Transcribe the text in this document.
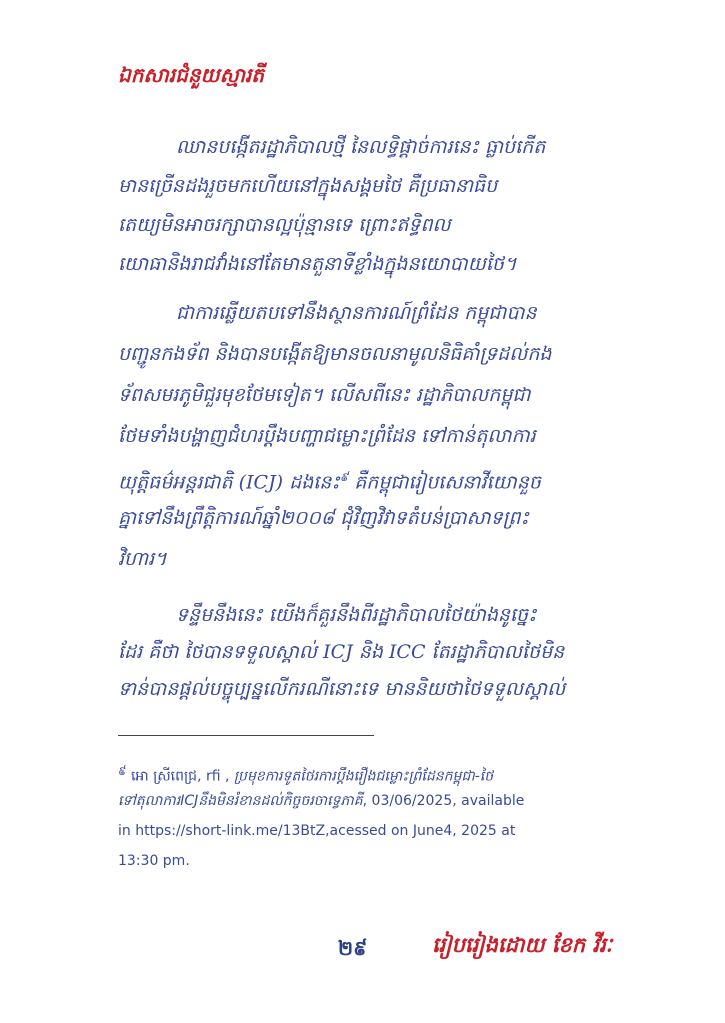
ឯកសារជំនួយស្មារតី
ឈានបង្កើតរដ្ឋាភិបាលថ្មី នៃលទ្ធិផ្តាច់ការនេះ ធ្លាប់កើត
មានច្រើនដងរួចមកហើយនៅក្នុងសង្គមថៃ គឺប្រធានាធិប
តេយ្យមិនអាចរក្សាបានល្អប៉ុន្មានទេ ព្រោះឥទ្ធិពល
យោធានិងរាជវាំងនៅតែមានតួនាទីខ្លាំងក្នុងនយោបាយថៃ។
ជាការឆ្លើយតបទៅនឹងស្ថានការណ៍ព្រំដែន កម្ពុជាបាន
បញ្ជូនកងទ័ព និងបានបង្កើតឱ្យមានចលនាមូលនិធិគាំទ្រដល់កង
ទ័ពសមរភូមិជួរមុខថែមទៀត។ លើសពីនេះ រដ្ឋាភិបាលកម្ពុជា
ថែមទាំងបង្ហាញជំហរប្តឹងបញ្ហាជម្លោះព្រំដែន ទៅកាន់តុលាការ
យុត្តិធម៌អន្តរជាតិ (ICJ) ដងនេះ$^៩$ គឺកម្ពុជារៀបសេនាវីយោនួច
គ្នាទៅនឹងព្រឹត្តិការណ៍ឆ្នាំ២០០៨ ជុំវិញវិវាទតំបន់ប្រាសាទព្រះ
វិហារ។
ទន្ទឹមនឹងនេះ យើងក៏គួរនឹងពីរដ្ឋាភិបាលថៃយ៉ាងនូច្នេះ
ដែរ គឺថា ថៃបានទទួលស្គាល់ ICJ និង ICC តែរដ្ឋាភិបាលថៃមិន
ទាន់បានផ្តល់បច្ចុប្បន្នលើករណីនោះទេ មាននិយថាថៃទទួលស្គាល់
៩ អោ ស្រីពេជ្រ, rfi , ប្រមុខការទូតថៃរការប្តឹងរឿងជម្លោះព្រំដែនកម្ពុជា-ថៃ
ទៅតុលាការICJនឹងមិនរំខានដល់កិច្ចចរចាទ្វេភាគី, 03/06/2025, available
in https://short-link.me/13BtZ,acessed on June4, 2025 at
13:30 pm.
២៩	រៀបរៀងដោយ ខែក វីរៈ
